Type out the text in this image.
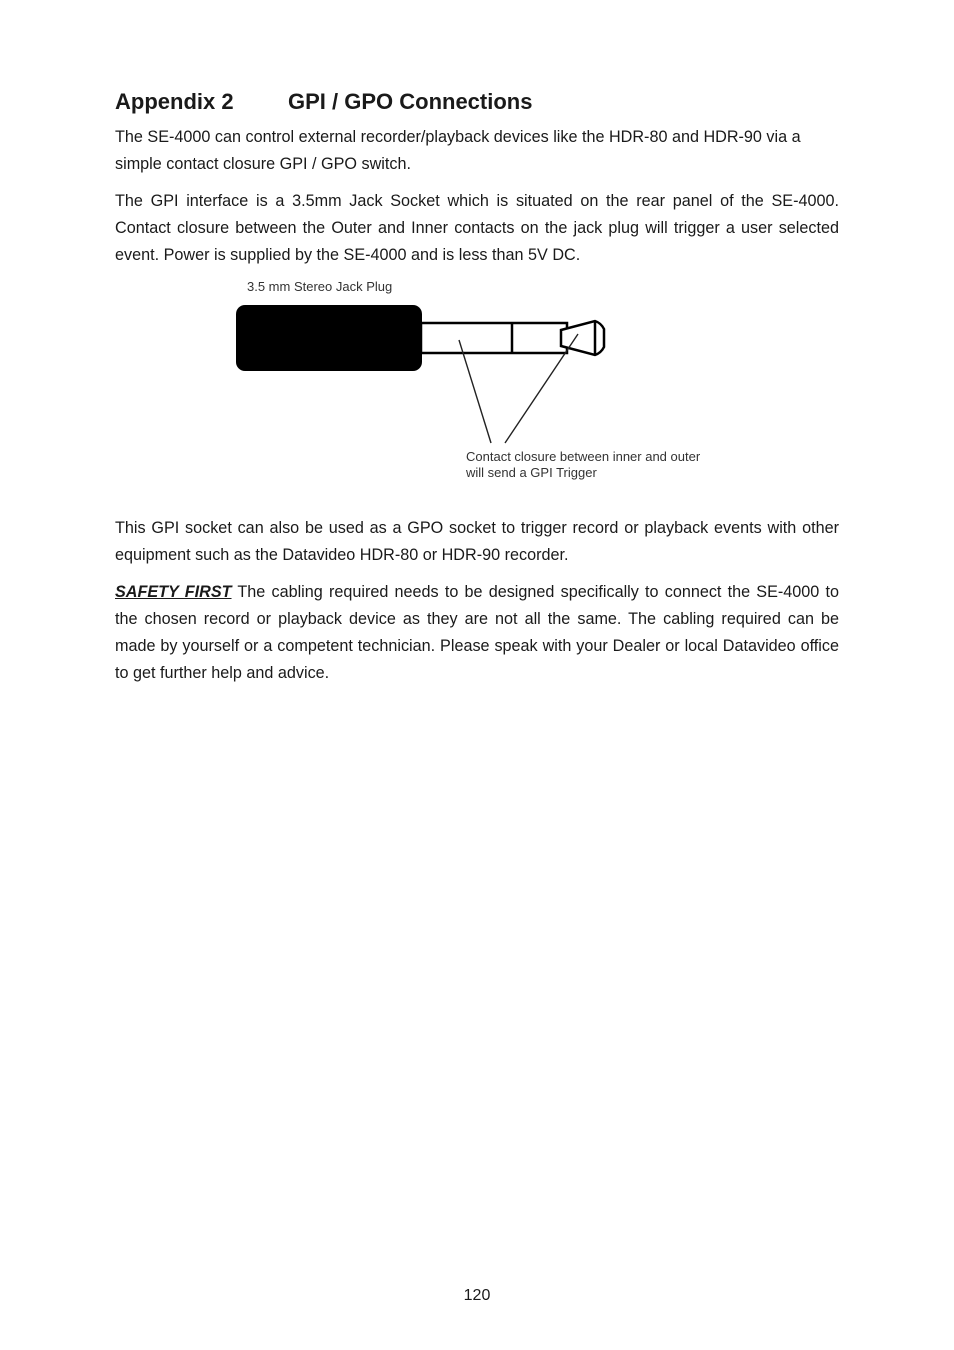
Appendix 2	GPI / GPO Connections

The SE-4000 can control external recorder/playback devices like the HDR-80 and HDR-90 via a simple contact closure GPI / GPO switch.

The GPI interface is a 3.5mm Jack Socket which is situated on the rear panel of the SE-4000. Contact closure between the Outer and Inner contacts on the jack plug will trigger a user selected event. Power is supplied by the SE-4000 and is less than 5V DC.

3.5 mm Stereo Jack Plug
Contact closure between inner and outer
will send a GPI Trigger

This GPI socket can also be used as a GPO socket to trigger record or playback events with other equipment such as the Datavideo HDR-80 or HDR-90 recorder.

SAFETY FIRST The cabling required needs to be designed specifically to connect the SE-4000 to the chosen record or playback device as they are not all the same. The cabling required can be made by yourself or a competent technician. Please speak with your Dealer or local Datavideo office to get further help and advice.

120
